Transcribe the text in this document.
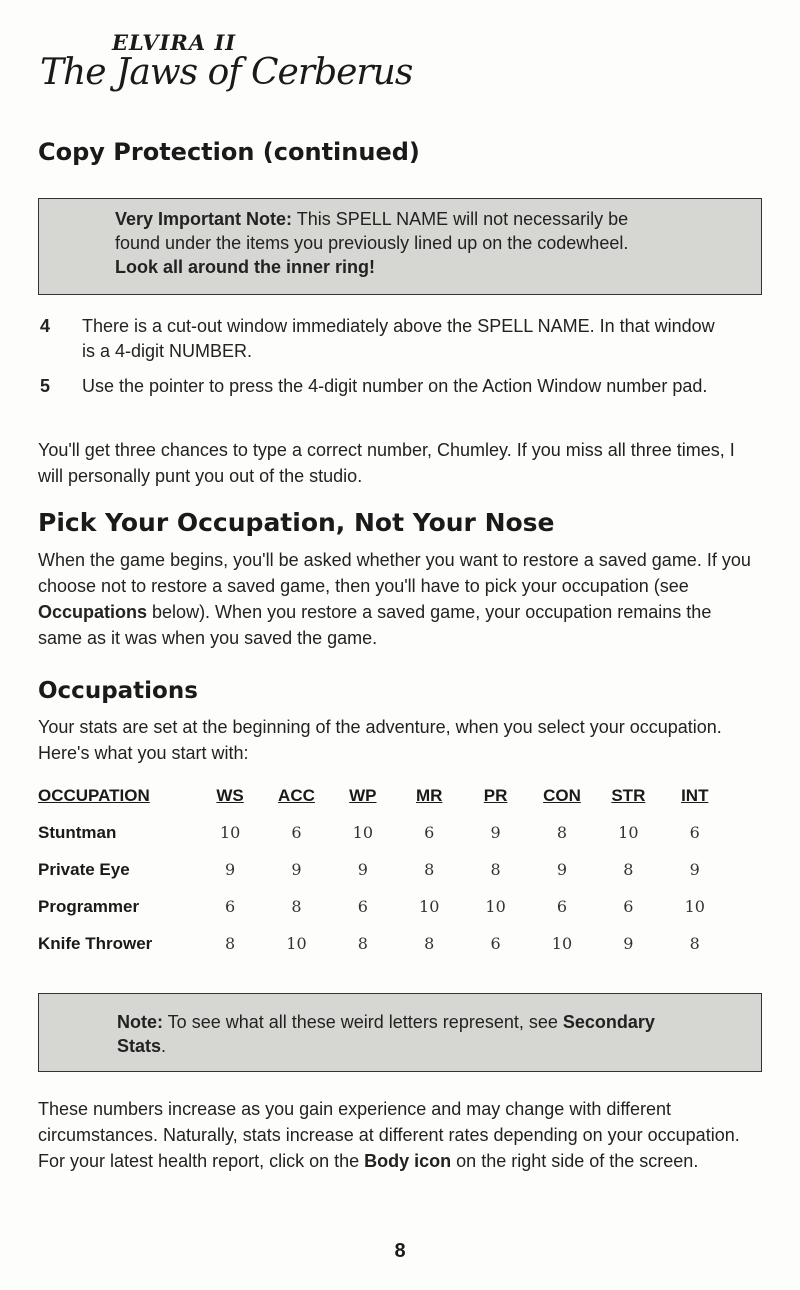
ELVIRA II
The Jaws of Cerberus
Copy Protection (continued)
Very Important Note: This SPELL NAME will not necessarily be found under the items you previously lined up on the codewheel. Look all around the inner ring!
4 There is a cut-out window immediately above the SPELL NAME. In that window is a 4-digit NUMBER.
5 Use the pointer to press the 4-digit number on the Action Window number pad.
You'll get three chances to type a correct number, Chumley. If you miss all three times, I will personally punt you out of the studio.
Pick Your Occupation, Not Your Nose
When the game begins, you'll be asked whether you want to restore a saved game. If you choose not to restore a saved game, then you'll have to pick your occupation (see Occupations below). When you restore a saved game, your occupation remains the same as it was when you saved the game.
Occupations
Your stats are set at the beginning of the adventure, when you select your occupation. Here's what you start with:
OCCUPATION	WS	ACC	WP	MR	PR	CON	STR	INT
Stuntman	10	6	10	6	9	8	10	6
Private Eye	9	9	9	8	8	9	8	9
Programmer	6	8	6	10	10	6	6	10
Knife Thrower	8	10	8	8	6	10	9	8
Note: To see what all these weird letters represent, see Secondary Stats.
These numbers increase as you gain experience and may change with different circumstances. Naturally, stats increase at different rates depending on your occupation. For your latest health report, click on the Body icon on the right side of the screen.
8
